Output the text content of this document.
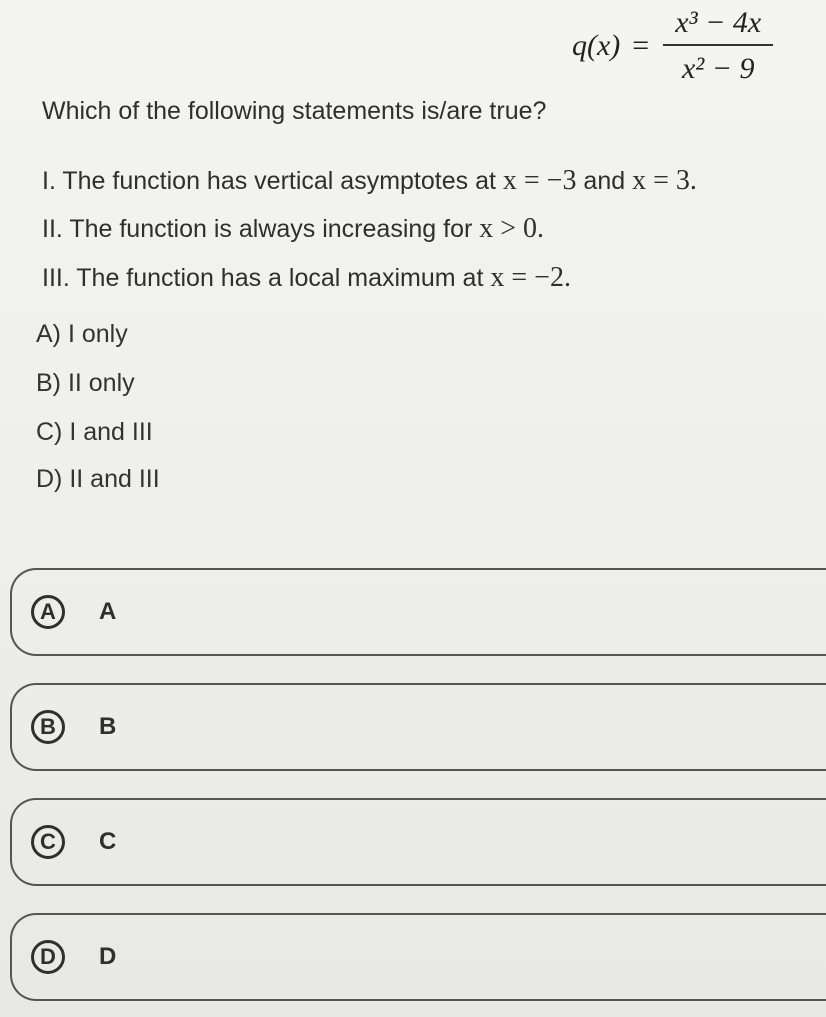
$q(x) = \frac{\text{x³ − 4x}}{\text{x² − 9}}$
Which of the following statements is/are true?
I. The function has vertical asymptotes at x = −3 and x = 3.
II. The function is always increasing for x > 0.
III. The function has a local maximum at x = −2.
A) I only
B) II only
C) I and III
D) II and III
A	A
B	B
C	C
D	D
